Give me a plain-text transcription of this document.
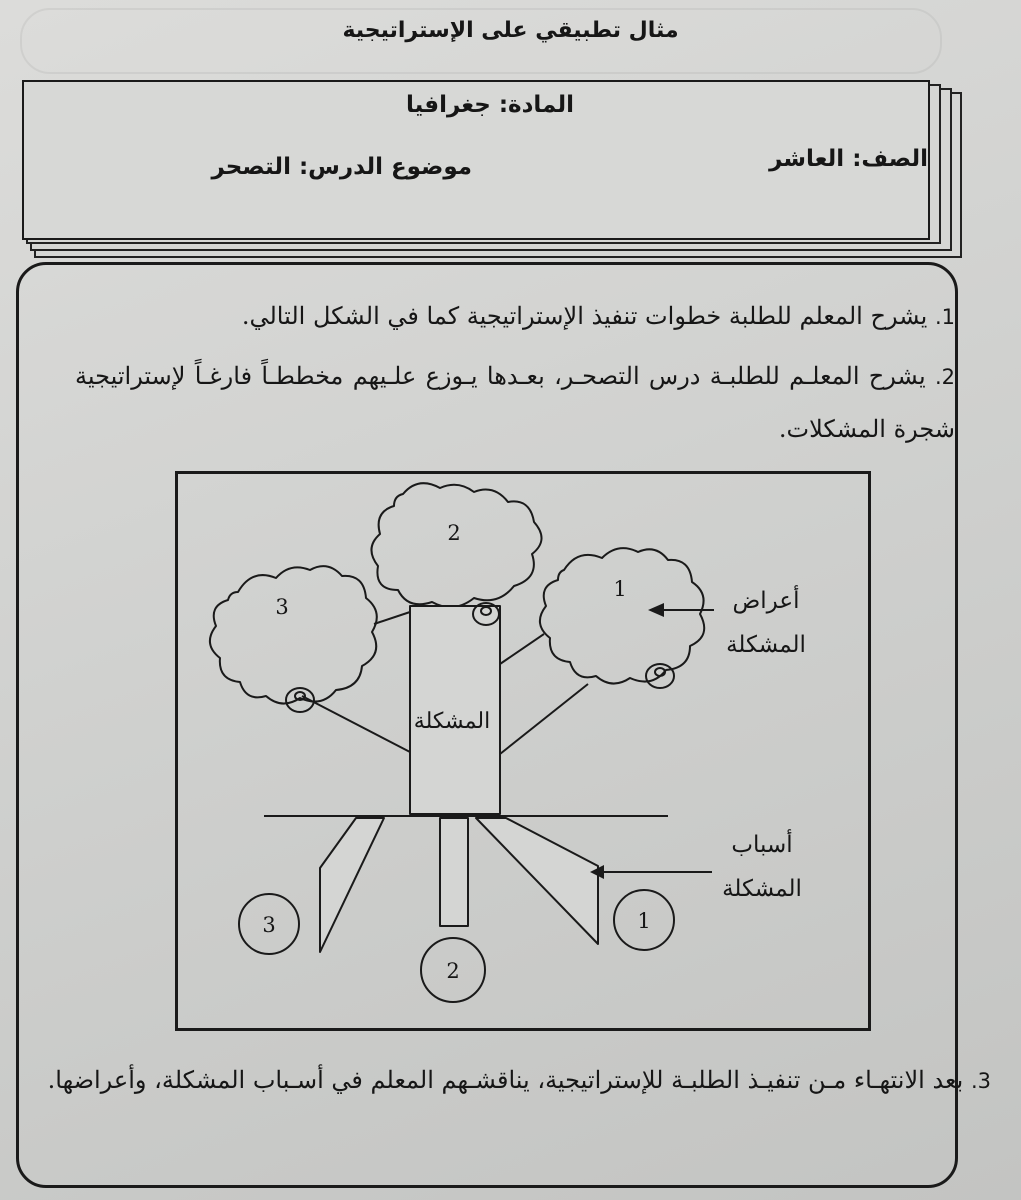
مثال تطبيقي على الإستراتيجية
المادة: جغرافيا
الصف: العاشر
موضوع الدرس: التصحر
1. يشرح المعلم للطلبة خطوات تنفيذ الإستراتيجية كما في الشكل التالي.
2. يشرح المعلـم للطلبـة درس التصحـر، بعـدها يـوزع علـيهم مخططـاً فارغـاً لإستراتيجية شجرة المشكلات.
2
3
1
المشكلة
أعراض
المشكلة
أسباب
المشكلة
3
2
1
3. بعد الانتهـاء مـن تنفيـذ الطلبـة للإستراتيجية، يناقشـهم المعلم في أسـباب المشكلة، وأعراضها.
